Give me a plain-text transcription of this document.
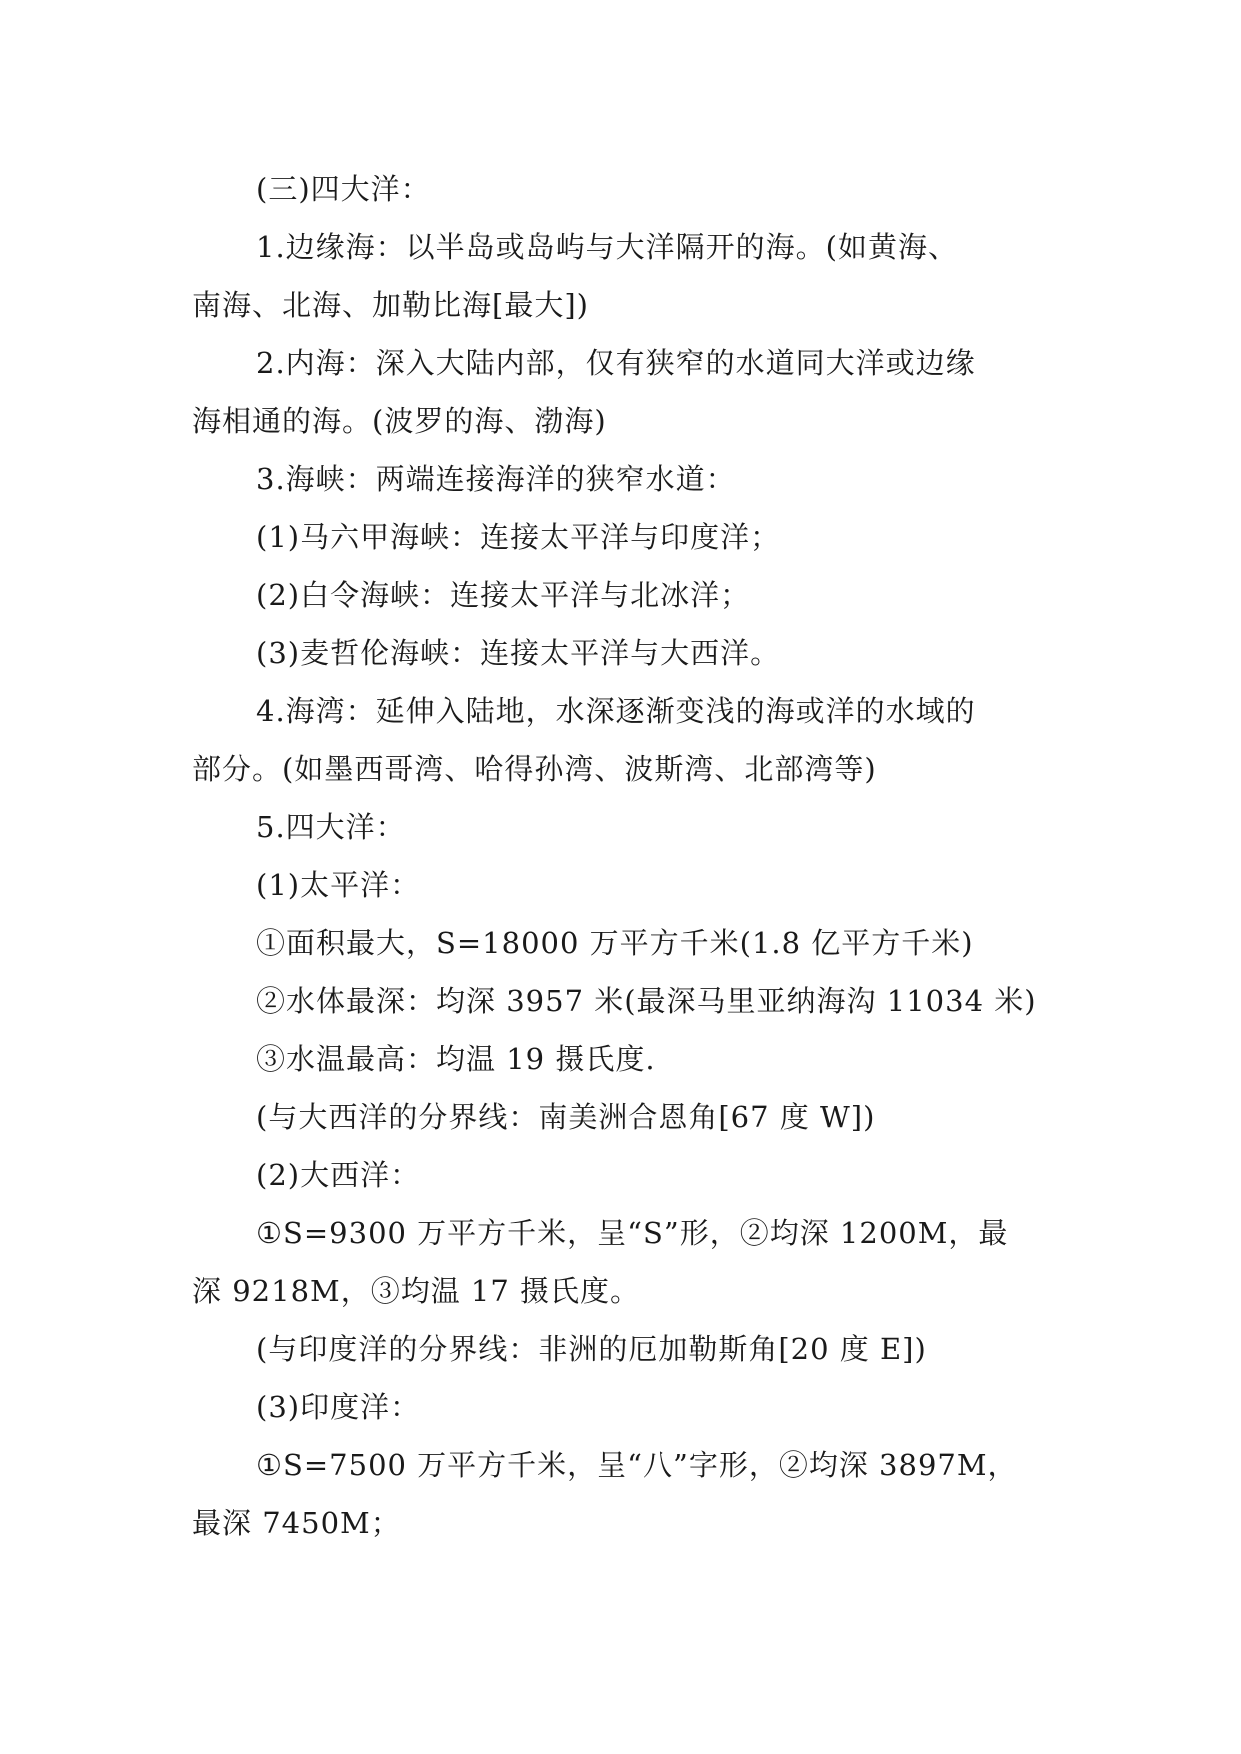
(三)四大洋：
1.边缘海：以半岛或岛屿与大洋隔开的海。(如黄海、
南海、北海、加勒比海[最大])
2.内海：深入大陆内部，仅有狭窄的水道同大洋或边缘
海相通的海。(波罗的海、渤海)
3.海峡：两端连接海洋的狭窄水道：
(1)马六甲海峡：连接太平洋与印度洋；
(2)白令海峡：连接太平洋与北冰洋；
(3)麦哲伦海峡：连接太平洋与大西洋。
4.海湾：延伸入陆地，水深逐渐变浅的海或洋的水域的
部分。(如墨西哥湾、哈得孙湾、波斯湾、北部湾等)
5.四大洋：
(1)太平洋：
①面积最大，S=18000 万平方千米(1.8 亿平方千米)
②水体最深：均深 3957 米(最深马里亚纳海沟 11034 米)
③水温最高：均温 19 摄氏度.
(与大西洋的分界线：南美洲合恩角[67 度 W])
(2)大西洋：
①S=9300 万平方千米，呈“S”形，②均深 1200M，最
深 9218M，③均温 17 摄氏度。
(与印度洋的分界线：非洲的厄加勒斯角[20 度 E])
(3)印度洋：
①S=7500 万平方千米，呈“八”字形，②均深 3897M，
最深 7450M；
